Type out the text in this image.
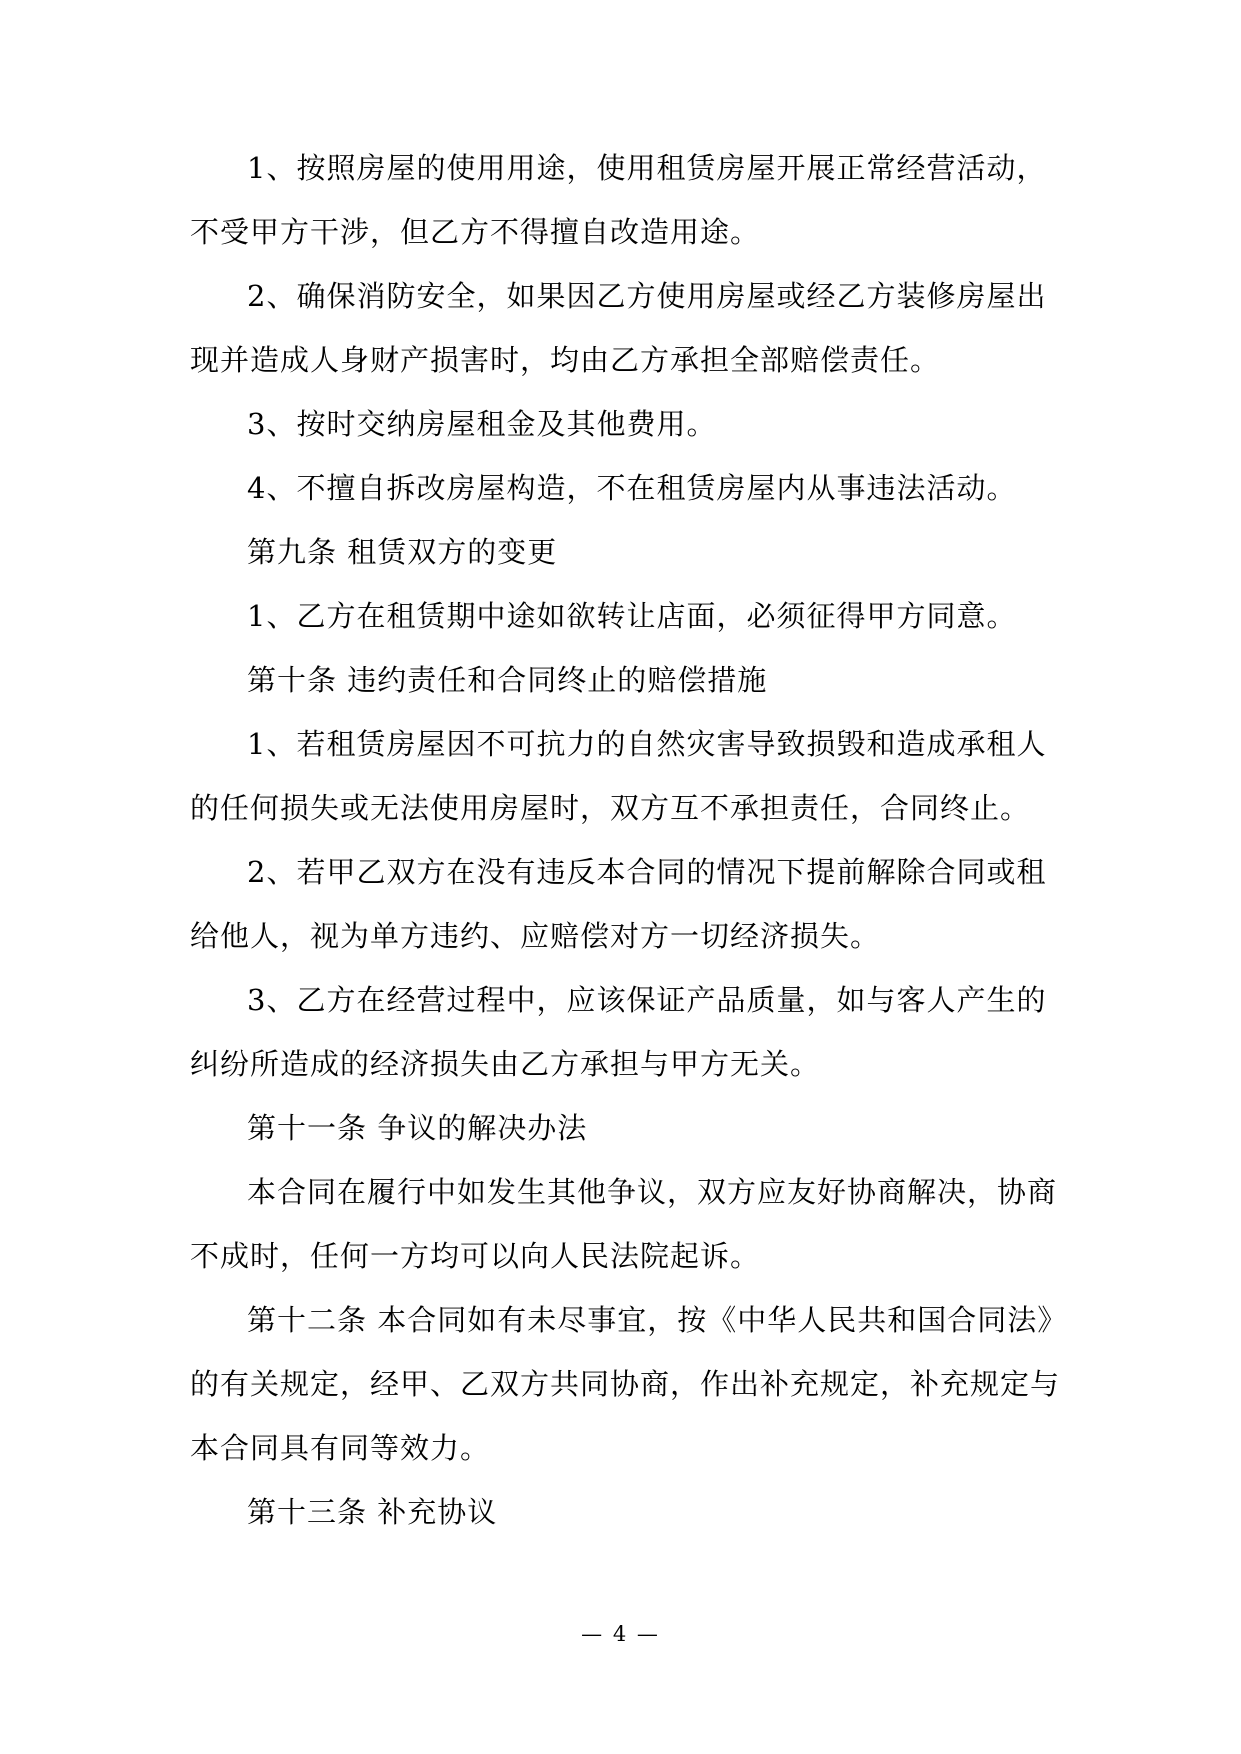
1、按照房屋的使用用途，使用租赁房屋开展正常经营活动，不受甲方干涉，但乙方不得擅自改造用途。

2、确保消防安全，如果因乙方使用房屋或经乙方装修房屋出现并造成人身财产损害时，均由乙方承担全部赔偿责任。

3、按时交纳房屋租金及其他费用。

4、不擅自拆改房屋构造，不在租赁房屋内从事违法活动。

第九条 租赁双方的变更

1、乙方在租赁期中途如欲转让店面，必须征得甲方同意。

第十条 违约责任和合同终止的赔偿措施

1、若租赁房屋因不可抗力的自然灾害导致损毁和造成承租人的任何损失或无法使用房屋时，双方互不承担责任，合同终止。

2、若甲乙双方在没有违反本合同的情况下提前解除合同或租给他人，视为单方违约、应赔偿对方一切经济损失。

3、乙方在经营过程中，应该保证产品质量，如与客人产生的纠纷所造成的经济损失由乙方承担与甲方无关。

第十一条 争议的解决办法

本合同在履行中如发生其他争议，双方应友好协商解决，协商不成时，任何一方均可以向人民法院起诉。

第十二条 本合同如有未尽事宜，按《中华人民共和国合同法》的有关规定，经甲、乙双方共同协商，作出补充规定，补充规定与本合同具有同等效力。

第十三条 补充协议

— 4 —
